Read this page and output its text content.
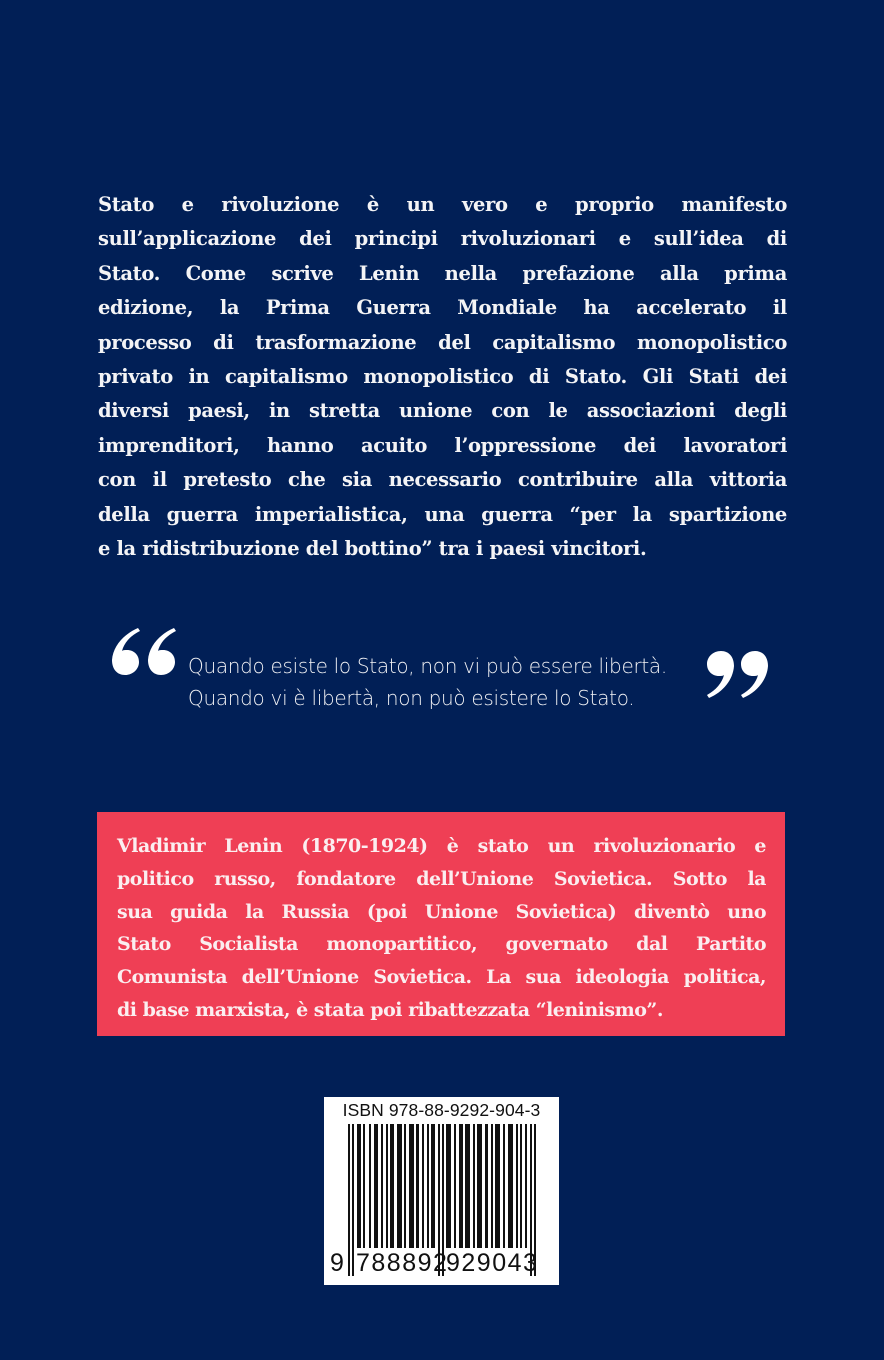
Stato e rivoluzione è un vero e proprio manifesto
sull’applicazione dei principi rivoluzionari e sull’idea di
Stato. Come scrive Lenin nella prefazione alla prima
edizione, la Prima Guerra Mondiale ha accelerato il
processo di trasformazione del capitalismo monopolistico
privato in capitalismo monopolistico di Stato. Gli Stati dei
diversi paesi, in stretta unione con le associazioni degli
imprenditori, hanno acuito l’oppressione dei lavoratori
con il pretesto che sia necessario contribuire alla vittoria
della guerra imperialistica, una guerra “per la spartizione
e la ridistribuzione del bottino” tra i paesi vincitori.
Quando esiste lo Stato, non vi può essere libertà.
Quando vi è libertà, non può esistere lo Stato.
Vladimir Lenin (1870-1924) è stato un rivoluzionario e
politico russo, fondatore dell’Unione Sovietica. Sotto la
sua guida la Russia (poi Unione Sovietica) diventò uno
Stato Socialista monopartitico, governato dal Partito
Comunista dell’Unione Sovietica. La sua ideologia politica,
di base marxista, è stata poi ribattezzata “leninismo”.
ISBN 978-88-9292-904-3
9 788892
929043
